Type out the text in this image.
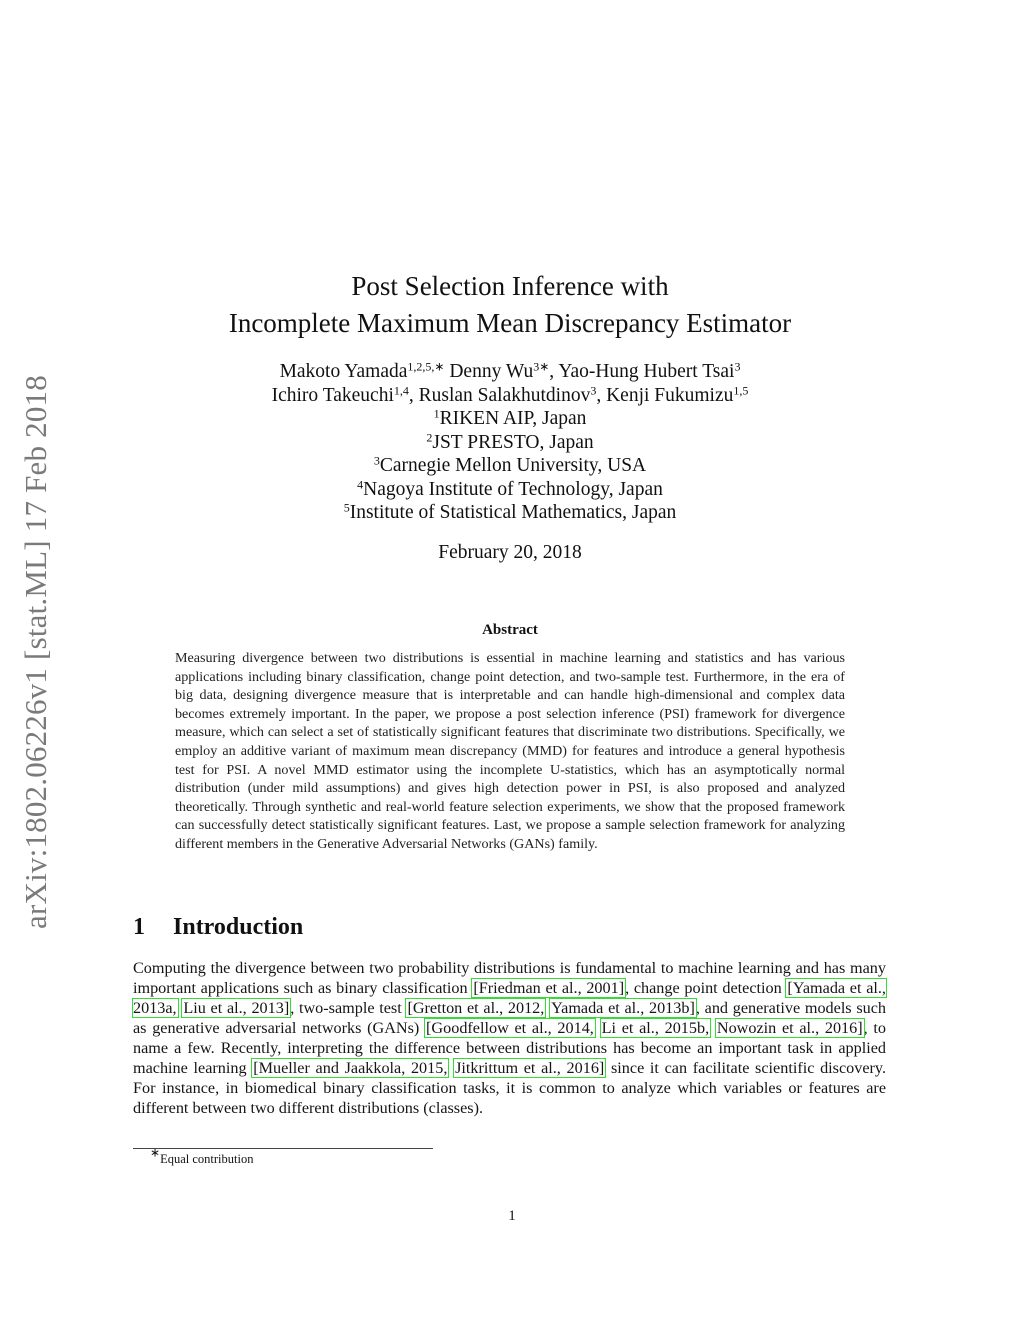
arXiv:1802.06226v1 [stat.ML] 17 Feb 2018
Post Selection Inference with
Incomplete Maximum Mean Discrepancy Estimator
Makoto Yamada$^{1,2,5,∗}$ Denny $Wu^{3∗}$, Yao-Hung Hubert Tsai$^3$
Ichiro Takeuchi$^{1,4}$, Ruslan Salakhutdinov$^3$, Kenji Fukumizu$^{1,5}$
$^1$RIKEN AIP, Japan
$^2$JST PRESTO, Japan
$^3$Carnegie Mellon University, USA
$^4$Nagoya Institute of Technology, Japan
$^5$Institute of Statistical Mathematics, Japan
February 20, 2018
Abstract
Measuring divergence between two distributions is essential in machine learning and statistics and has various applications including binary classification, change point detection, and two-sample test. Furthermore, in the era of big data, designing divergence measure that is interpretable and can handle high-dimensional and complex data becomes extremely important. In the paper, we propose a post selection inference (PSI) framework for divergence measure, which can select a set of statistically significant features that discriminate two distributions. Specifically, we employ an additive variant of maximum mean discrepancy (MMD) for features and introduce a general hypothesis test for PSI. A novel MMD estimator using the incomplete U-statistics, which has an asymptotically normal distribution (under mild assumptions) and gives high detection power in PSI, is also proposed and analyzed theoretically. Through synthetic and real-world feature selection experiments, we show that the proposed framework can successfully detect statistically significant features. Last, we propose a sample selection framework for analyzing different members in the Generative Adversarial Networks (GANs) family.
1 Introduction
Computing the divergence between two probability distributions is fundamental to machine learning and has many important applications such as binary classification [Friedman et al., 2001], change point detection [Yamada et al., 2013a, Liu et al., 2013], two-sample test [Gretton et al., 2012, Yamada et al., 2013b], and generative models such as generative adversarial networks (GANs) [Goodfellow et al., 2014, Li et al., 2015b, Nowozin et al., 2016], to name a few. Recently, interpreting the difference between distributions has become an important task in applied machine learning [Mueller and Jaakkola, 2015, Jitkrittum et al., 2016] since it can facilitate scientific discovery. For instance, in biomedical binary classification tasks, it is common to analyze which variables or features are different between two different distributions (classes).
∗Equal contribution
1
